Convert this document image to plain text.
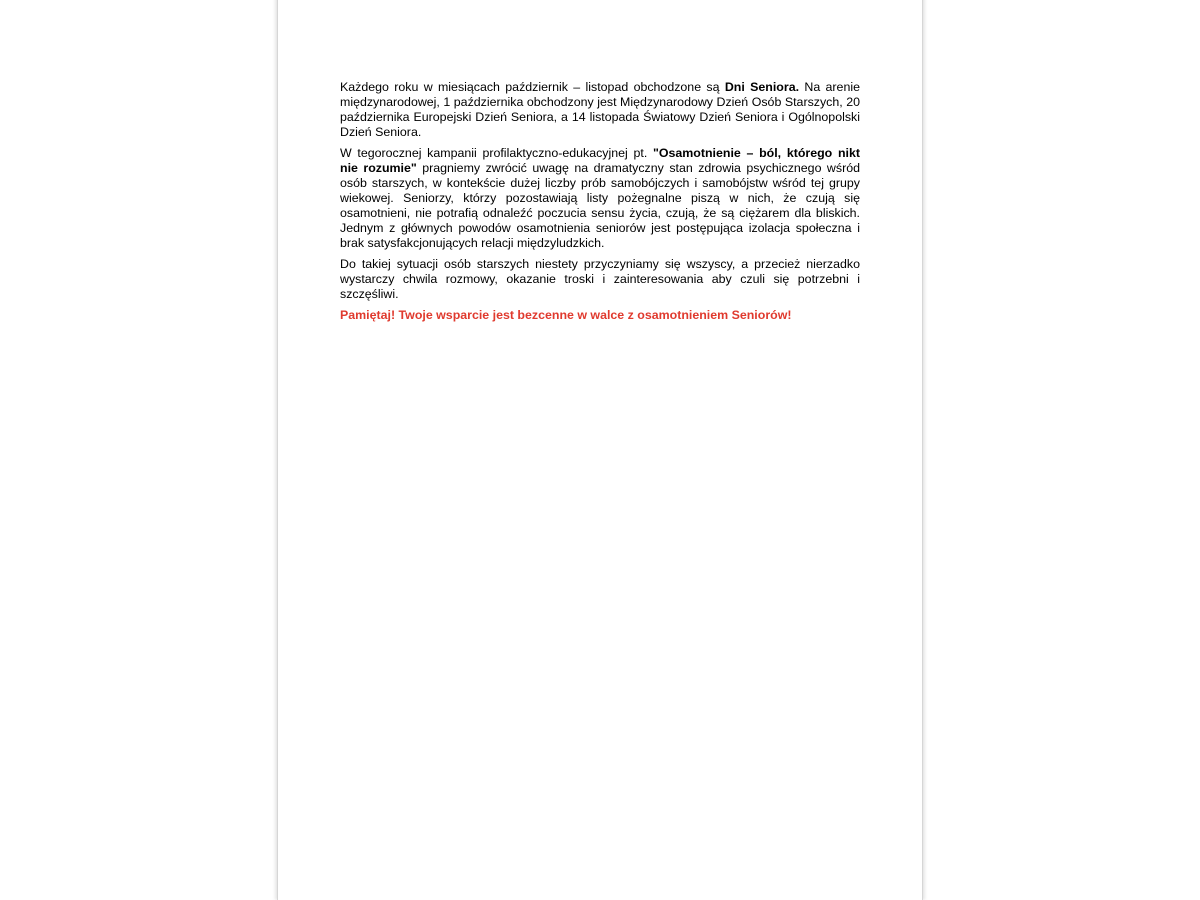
Każdego roku w miesiącach październik – listopad obchodzone są Dni Seniora. Na arenie międzynarodowej, 1 października obchodzony jest Międzynarodowy Dzień Osób Starszych, 20 października Europejski Dzień Seniora, a 14 listopada Światowy Dzień Seniora i Ogólnopolski Dzień Seniora.

W tegorocznej kampanii profilaktyczno-edukacyjnej pt. "Osamotnienie – ból, którego nikt nie rozumie" pragniemy zwrócić uwagę na dramatyczny stan zdrowia psychicznego wśród osób starszych, w kontekście dużej liczby prób samobójczych i samobójstw wśród tej grupy wiekowej. Seniorzy, którzy pozostawiają listy pożegnalne piszą w nich, że czują się osamotnieni, nie potrafią odnaleźć poczucia sensu życia, czują, że są ciężarem dla bliskich. Jednym z głównych powodów osamotnienia seniorów jest postępująca izolacja społeczna i brak satysfakcjonujących relacji międzyludzkich.

Do takiej sytuacji osób starszych niestety przyczyniamy się wszyscy, a przecież nierzadko wystarczy chwila rozmowy, okazanie troski i zainteresowania aby czuli się potrzebni i szczęśliwi.

Pamiętaj! Twoje wsparcie jest bezcenne w walce z osamotnieniem Seniorów!
